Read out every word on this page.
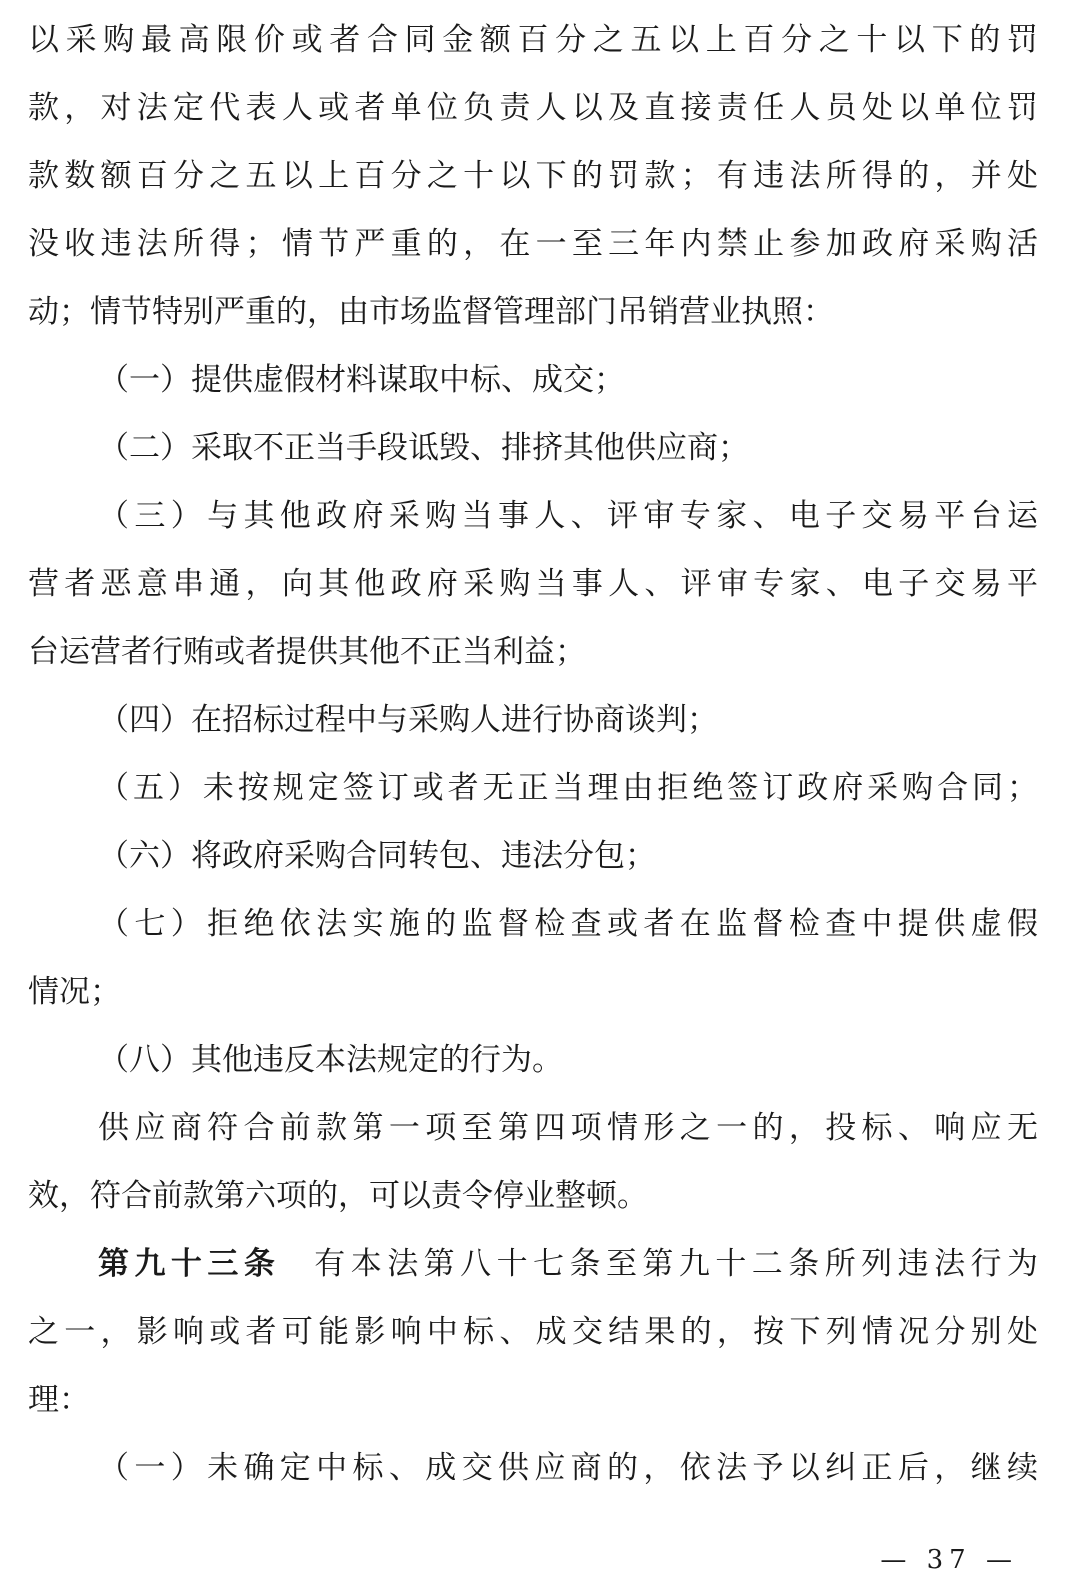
以采购最高限价或者合同金额百分之五以上百分之十以下的罚
款，对法定代表人或者单位负责人以及直接责任人员处以单位罚
款数额百分之五以上百分之十以下的罚款；有违法所得的，并处
没收违法所得；情节严重的，在一至三年内禁止参加政府采购活
动；情节特别严重的，由市场监督管理部门吊销营业执照：
（一）提供虚假材料谋取中标、成交；
（二）采取不正当手段诋毁、排挤其他供应商；
（三）与其他政府采购当事人、评审专家、电子交易平台运
营者恶意串通，向其他政府采购当事人、评审专家、电子交易平
台运营者行贿或者提供其他不正当利益；
（四）在招标过程中与采购人进行协商谈判；
（五）未按规定签订或者无正当理由拒绝签订政府采购合同；
（六）将政府采购合同转包、违法分包；
（七）拒绝依法实施的监督检查或者在监督检查中提供虚假
情况；
（八）其他违反本法规定的行为。
供应商符合前款第一项至第四项情形之一的，投标、响应无
效，符合前款第六项的，可以责令停业整顿。
第九十三条 有本法第八十七条至第九十二条所列违法行为
之一，影响或者可能影响中标、成交结果的，按下列情况分别处
理：
（一）未确定中标、成交供应商的，依法予以纠正后，继续
— 37 —
